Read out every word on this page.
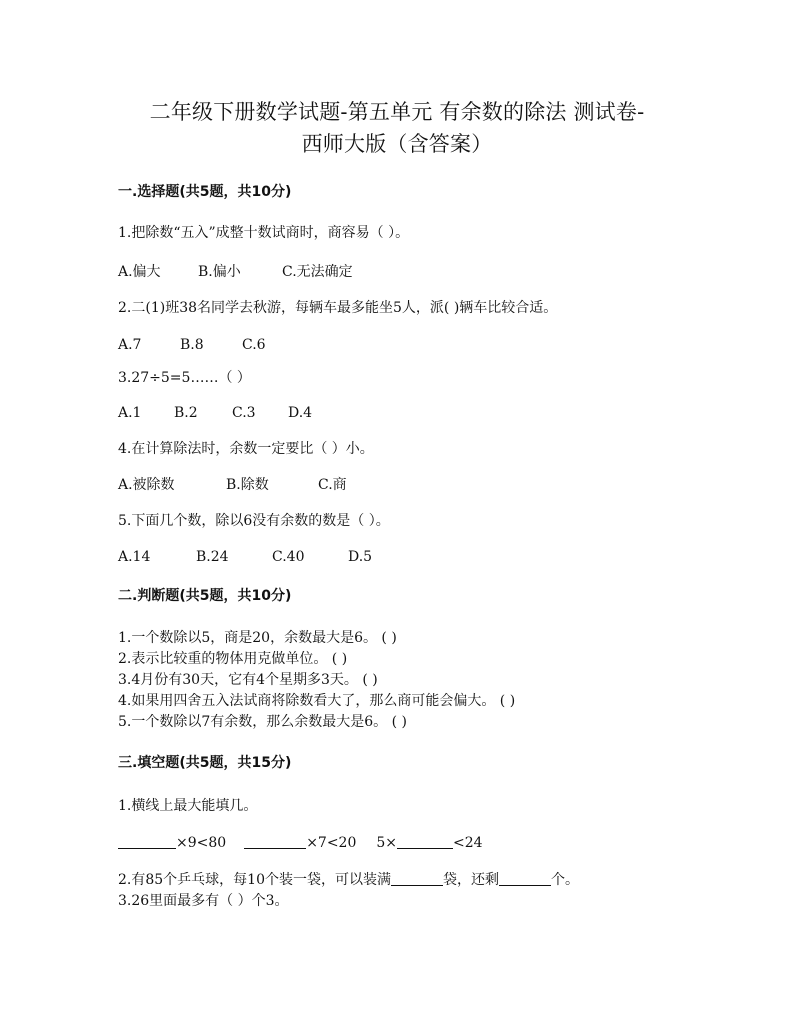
二年级下册数学试题-第五单元 有余数的除法 测试卷-
西师大版（含答案）
一.选择题(共5题，共10分)
1.把除数“五入”成整十数试商时，商容易（ ）。
A.偏大	B.偏小	C.无法确定
2.二(1)班38名同学去秋游，每辆车最多能坐5人，派( )辆车比较合适。
A.7	B.8	C.6
3.27÷5=5……（ ）
A.1 B.2 C.3 D.4
4.在计算除法时，余数一定要比（ ）小。
A.被除数	B.除数	C.商
5.下面几个数，除以6没有余数的数是（ ）。
A.14	B.24	C.40	D.5
二.判断题(共5题，共10分)
1.一个数除以5，商是20，余数最大是6。 ( )
2.表示比较重的物体用克做单位。 ( )
3.4月份有30天，它有4个星期多3天。 ( )
4.如果用四舍五入法试商将除数看大了，那么商可能会偏大。 ( )
5.一个数除以7有余数，那么余数最大是6。 ( )
三.填空题(共5题，共15分)
1.横线上最大能填几。
×9<80	×7<20 5×	<24
2.有85个乒乓球，每10个装一袋，可以装满	袋，还剩	个。
3.26里面最多有（ ）个3。
